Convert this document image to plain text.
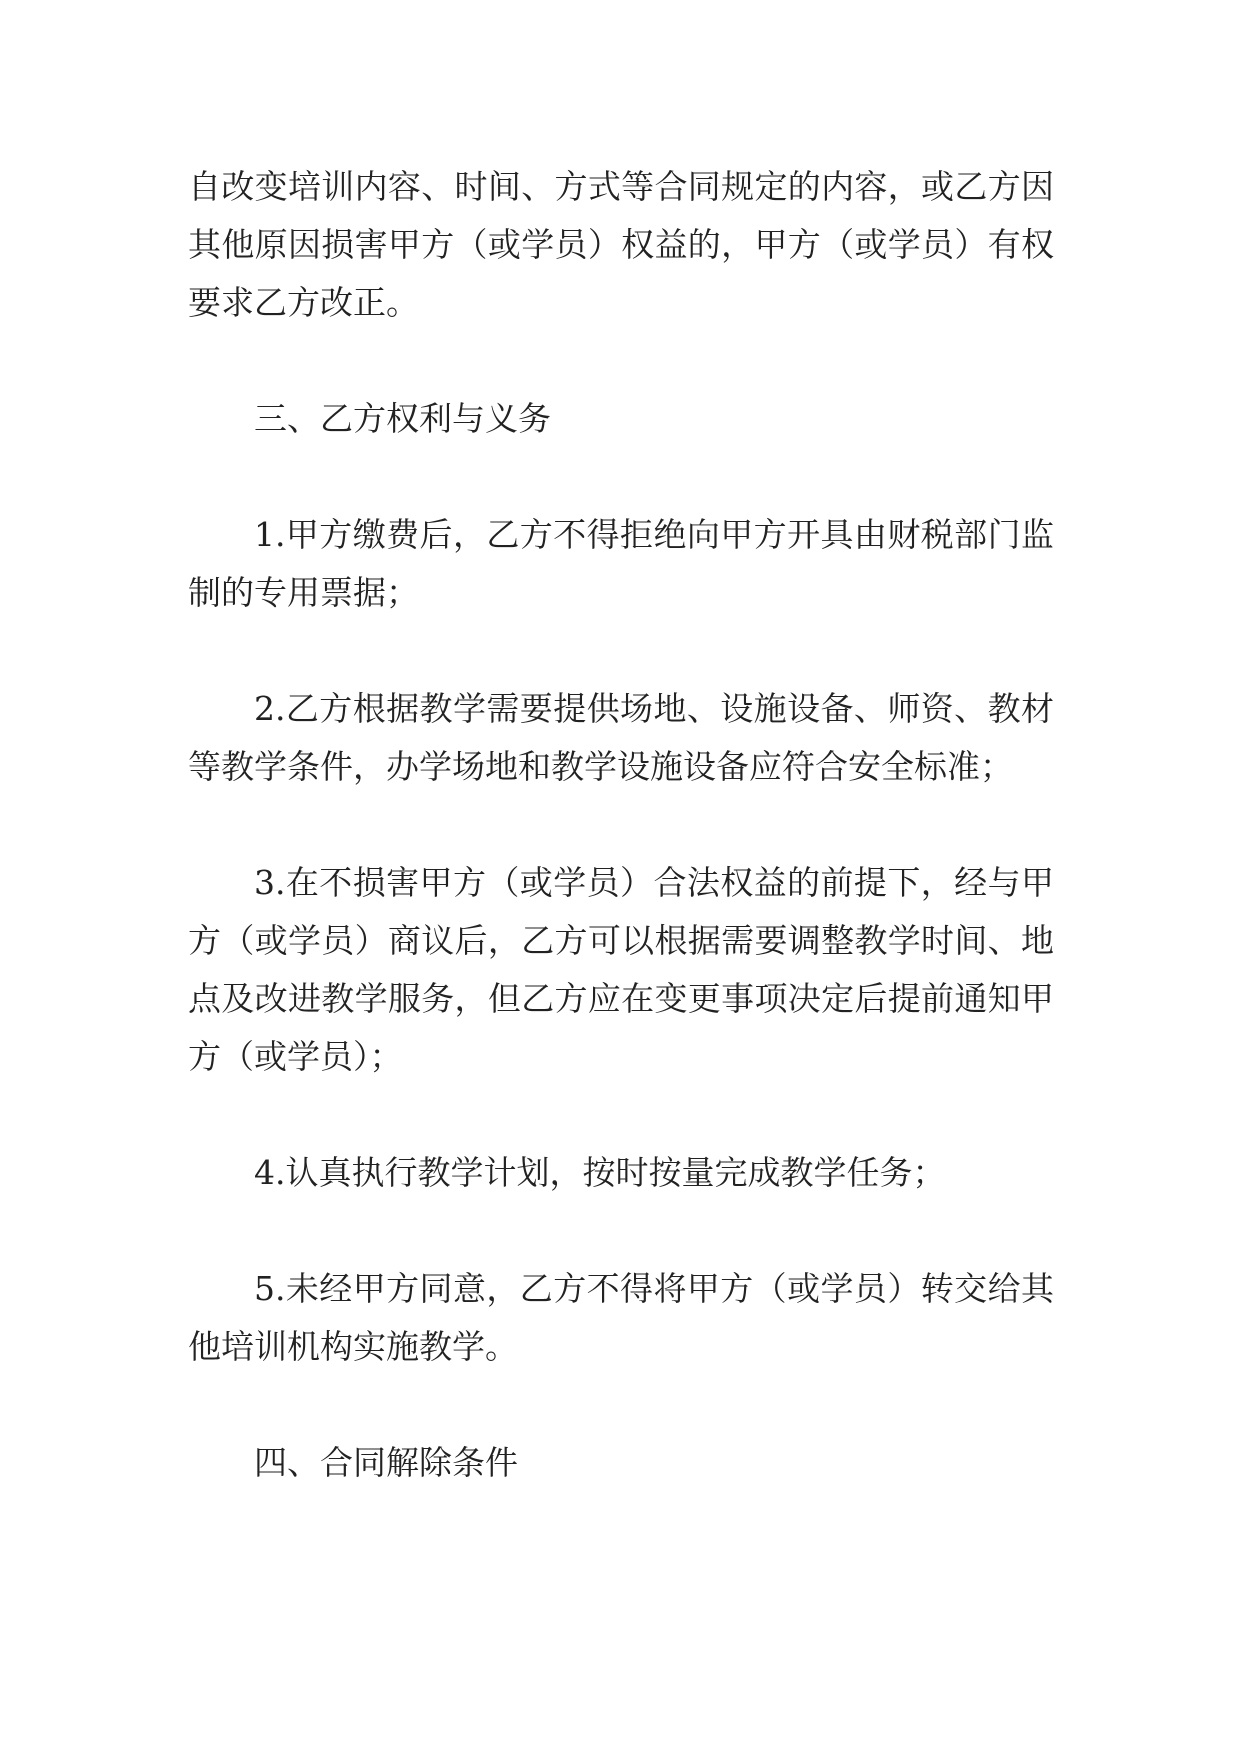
自改变培训内容、时间、方式等合同规定的内容，或乙方因其他原因损害甲方（或学员）权益的，甲方（或学员）有权要求乙方改正。

三、乙方权利与义务

1.甲方缴费后，乙方不得拒绝向甲方开具由财税部门监制的专用票据；

2.乙方根据教学需要提供场地、设施设备、师资、教材等教学条件，办学场地和教学设施设备应符合安全标准；

3.在不损害甲方（或学员）合法权益的前提下，经与甲方（或学员）商议后，乙方可以根据需要调整教学时间、地点及改进教学服务，但乙方应在变更事项决定后提前通知甲方（或学员）；

4.认真执行教学计划，按时按量完成教学任务；

5.未经甲方同意，乙方不得将甲方（或学员）转交给其他培训机构实施教学。

四、合同解除条件
